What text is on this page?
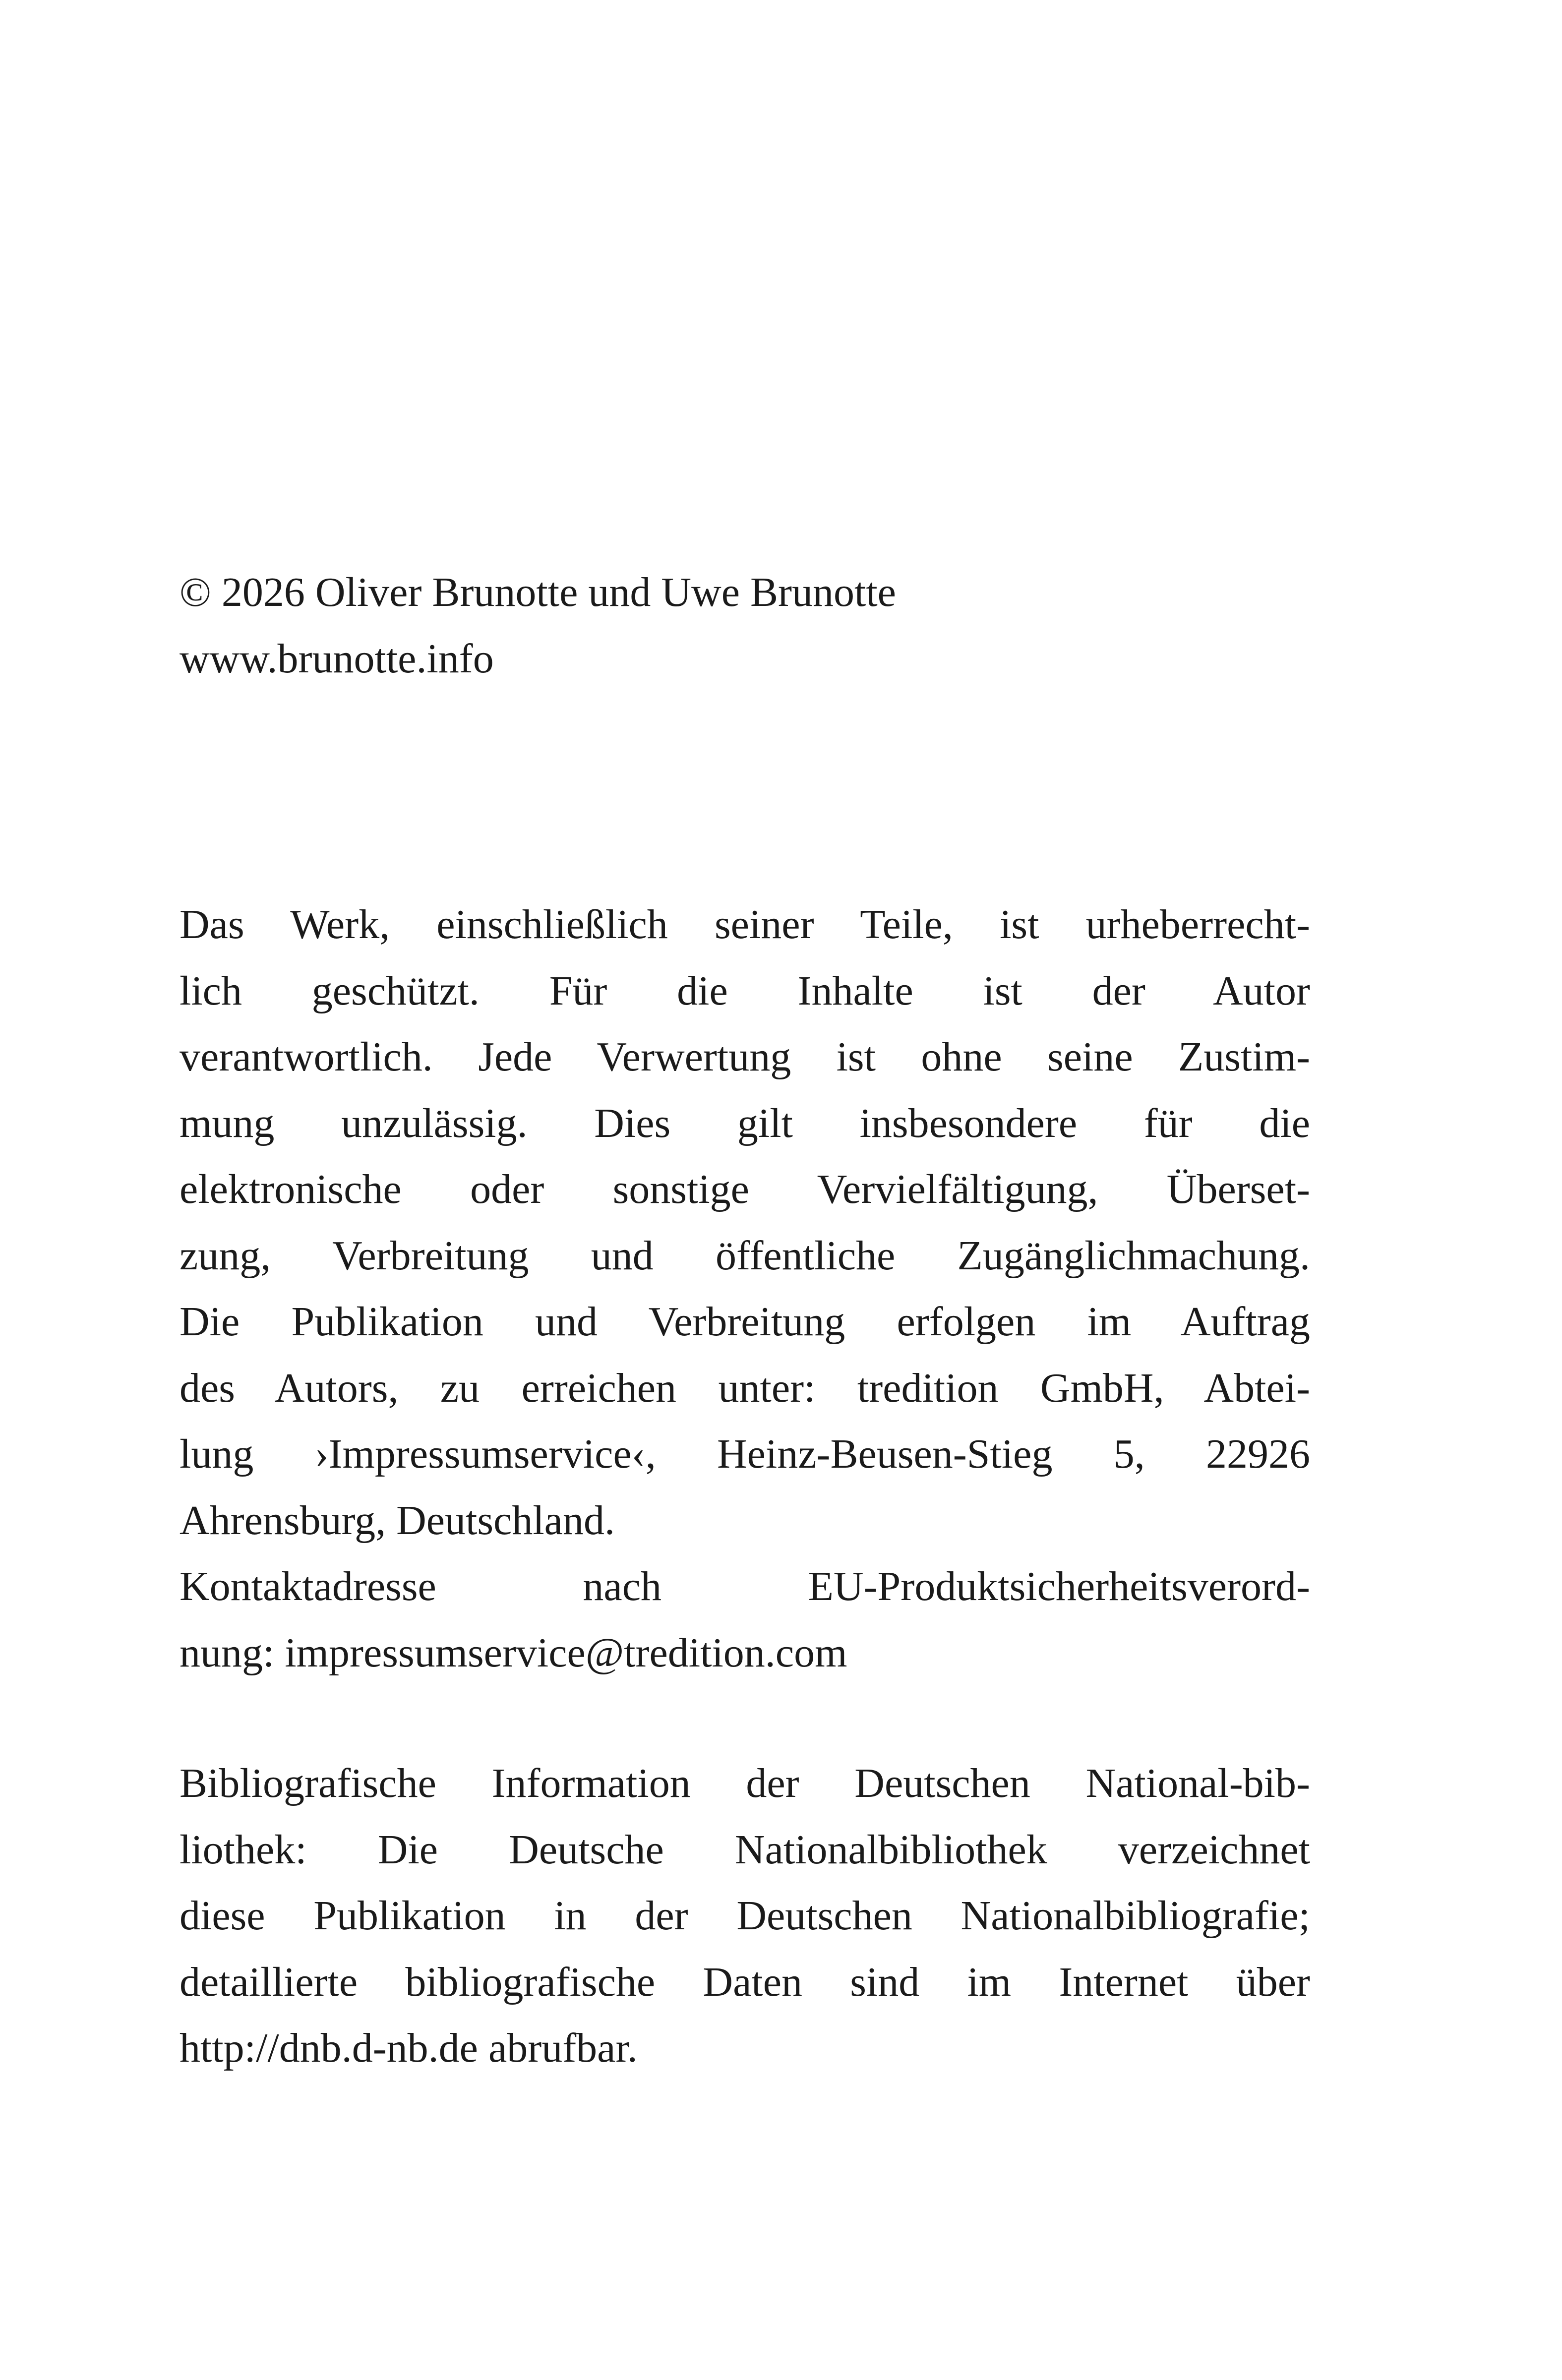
© 2026 Oliver Brunotte und Uwe Brunotte
www.brunotte.info
Das Werk, einschließlich seiner Teile, ist urheberrecht-
lich geschützt. Für die Inhalte ist der Autor
verantwortlich. Jede Verwertung ist ohne seine Zustim-
mung unzulässig. Dies gilt insbesondere für die
elektronische oder sonstige Vervielfältigung, Überset-
zung, Verbreitung und öffentliche Zugänglichmachung.
Die Publikation und Verbreitung erfolgen im Auftrag
des Autors, zu erreichen unter: tredition GmbH, Abtei-
lung ›Impressumservice‹, Heinz-Beusen-Stieg 5, 22926
Ahrensburg, Deutschland.
Kontaktadresse nach EU-Produktsicherheitsverord-
nung: impressumservice@tredition.com
Bibliografische Information der Deutschen National-bib-
liothek: Die Deutsche Nationalbibliothek verzeichnet
diese Publikation in der Deutschen Nationalbibliografie;
detaillierte bibliografische Daten sind im Internet über
http://dnb.d-nb.de abrufbar.
